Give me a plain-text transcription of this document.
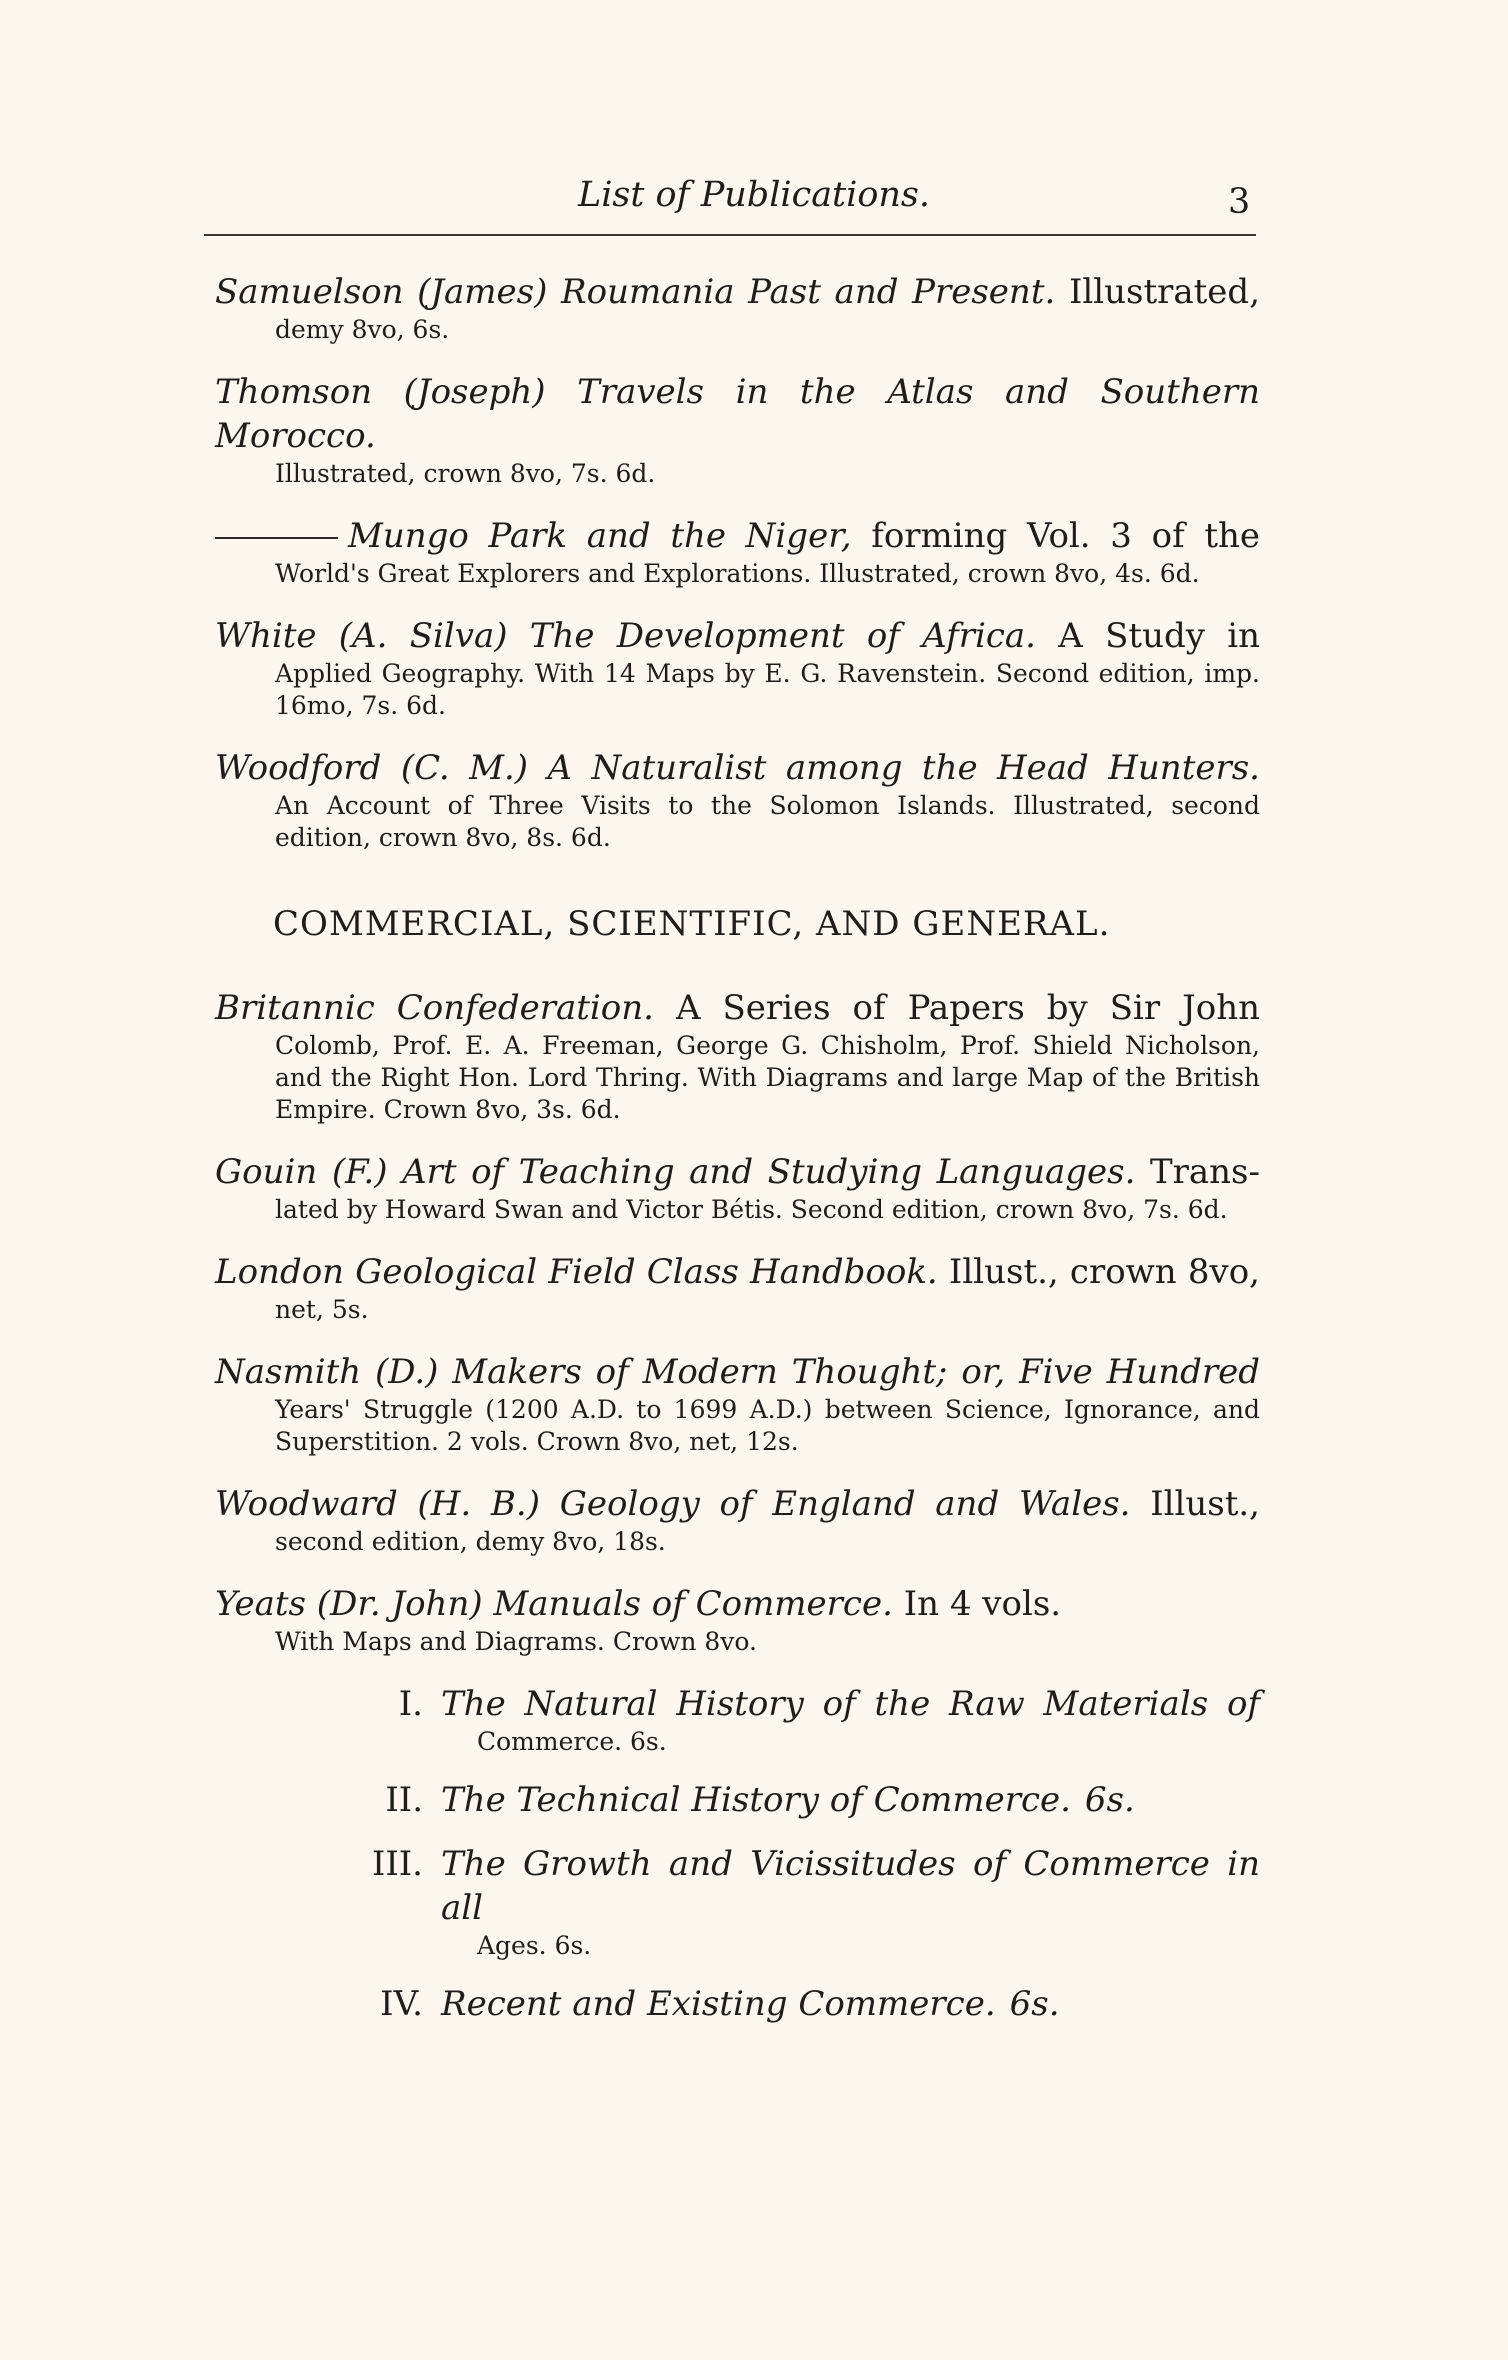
List of Publications.	3
Samuelson (James) Roumania Past and Present. Illustrated,
demy 8vo, 6s.
Thomson (Joseph) Travels in the Atlas and Southern Morocco.
Illustrated, crown 8vo, 7s. 6d.
Mungo Park and the Niger, forming Vol. 3 of the
World's Great Explorers and Explorations. Illustrated, crown 8vo, 4s. 6d.
White (A. Silva) The Development of Africa. A Study in
Applied Geography. With 14 Maps by E. G. Ravenstein. Second edition, imp. 16mo, 7s. 6d.
Woodford (C. M.) A Naturalist among the Head Hunters.
An Account of Three Visits to the Solomon Islands. Illustrated, second edition, crown 8vo, 8s. 6d.
COMMERCIAL, SCIENTIFIC, AND GENERAL.
Britannic Confederation. A Series of Papers by Sir John
Colomb, Prof. E. A. Freeman, George G. Chisholm, Prof. Shield Nicholson, and the Right Hon. Lord Thring. With Diagrams and large Map of the British Empire. Crown 8vo, 3s. 6d.
Gouin (F.) Art of Teaching and Studying Languages. Trans-
lated by Howard Swan and Victor Bétis. Second edition, crown 8vo, 7s. 6d.
London Geological Field Class Handbook. Illust., crown 8vo,
net, 5s.
Nasmith (D.) Makers of Modern Thought; or, Five Hundred
Years' Struggle (1200 A.D. to 1699 A.D.) between Science, Ignorance, and Superstition. 2 vols. Crown 8vo, net, 12s.
Woodward (H. B.) Geology of England and Wales. Illust.,
second edition, demy 8vo, 18s.
Yeats (Dr. John) Manuals of Commerce. In 4 vols.
With Maps and Diagrams. Crown 8vo.
I. The Natural History of the Raw Materials of
Commerce. 6s.
II. The Technical History of Commerce. 6s.
III. The Growth and Vicissitudes of Commerce in all
Ages. 6s.
IV. Recent and Existing Commerce. 6s.
